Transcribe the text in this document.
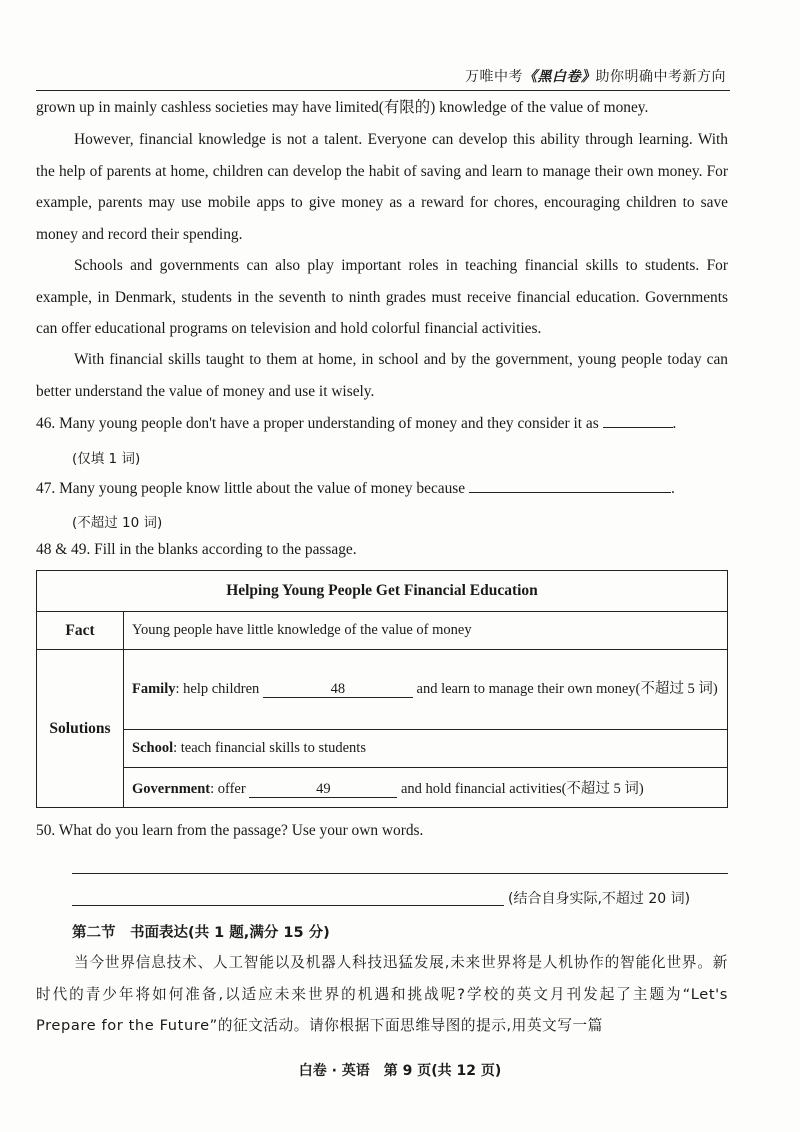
万唯中考《黑白卷》助你明确中考新方向

grown up in mainly cashless societies may have limited(有限的) knowledge of the value of money.

However, financial knowledge is not a talent. Everyone can develop this ability through learning. With the help of parents at home, children can develop the habit of saving and learn to manage their own money. For example, parents may use mobile apps to give money as a reward for chores, encouraging children to save money and record their spending.

Schools and governments can also play important roles in teaching financial skills to students. For example, in Denmark, students in the seventh to ninth grades must receive financial education. Governments can offer educational programs on television and hold colorful financial activities.

With financial skills taught to them at home, in school and by the government, young people today can better understand the value of money and use it wisely.

46. Many young people don't have a proper understanding of money and they consider it as	.
(仅填 1 词)
47. Many young people know little about the value of money because	.
(不超过 10 词)
48 & 49. Fill in the blanks according to the passage.
Helping Young People Get Financial Education	
Fact	Young people have little knowledge of the value of money
Solutions	Family: help children 48 and learn to manage their own money(不超过 5 词)
	School: teach financial skills to students
	Government: offer 49 and hold financial activities(不超过 5 词)
50. What do you learn from the passage? Use your own words.
(结合自身实际,不超过 20 词)
第二节　书面表达(共 1 题,满分 15 分)

当今世界信息技术、人工智能以及机器人科技迅猛发展,未来世界将是人机协作的智能化世界。新时代的青少年将如何准备,以适应未来世界的机遇和挑战呢?学校的英文月刊发起了主题为“Let's Prepare for the Future”的征文活动。请你根据下面思维导图的提示,用英文写一篇

白卷 · 英语　第 9 页(共 12 页)
